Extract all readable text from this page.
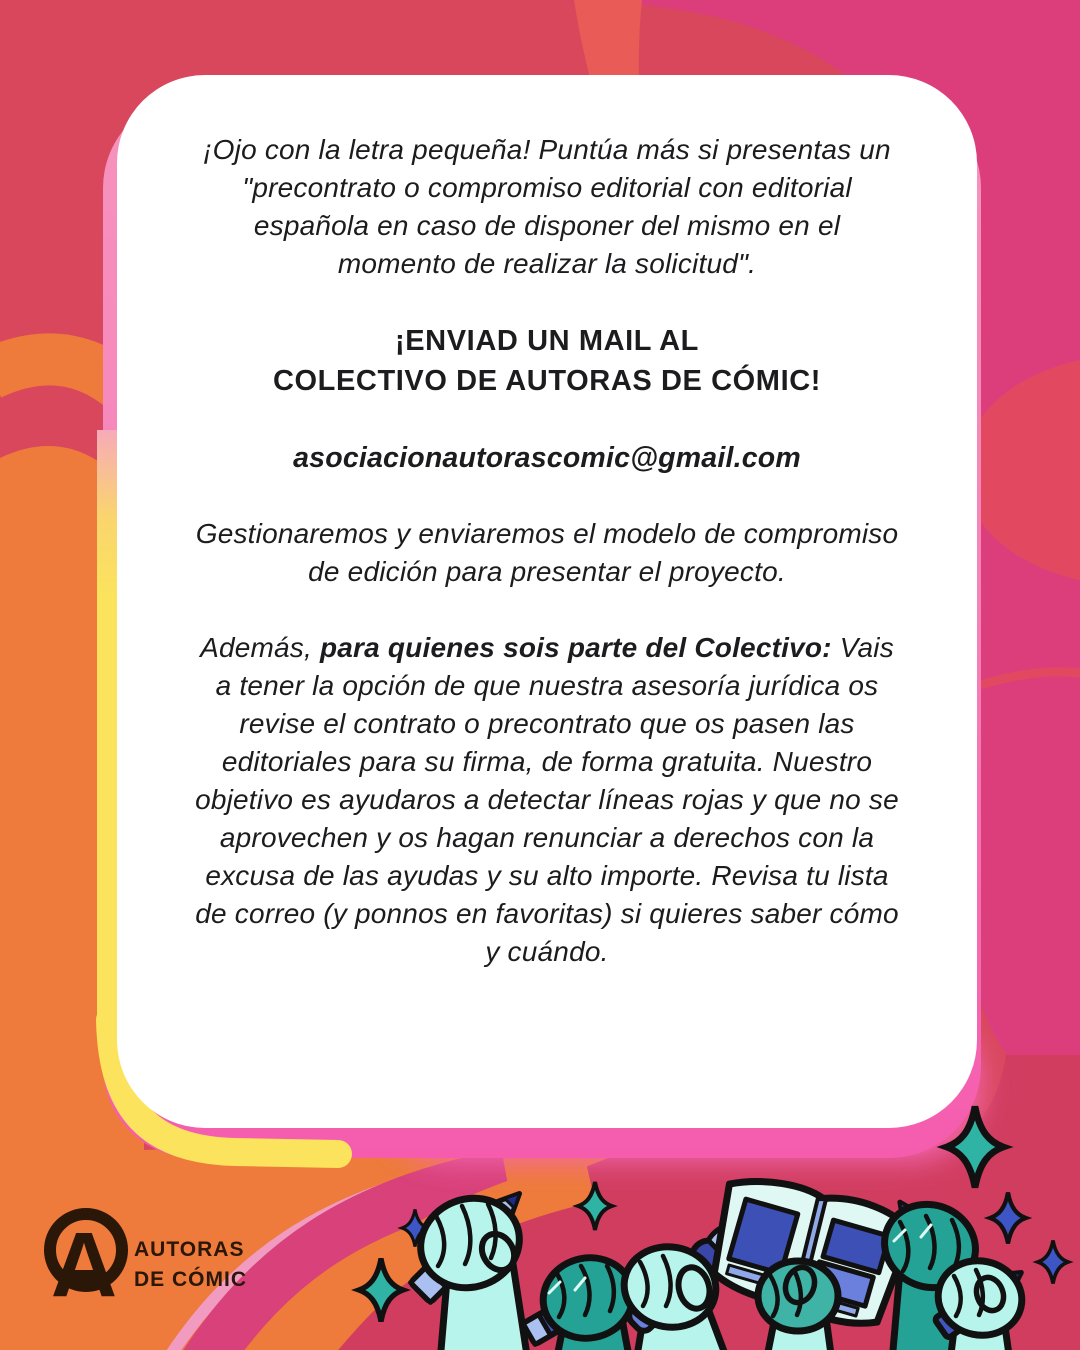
A AUTORAS
DE CÓMIC

¡Ojo con la letra pequeña! Puntúa más si presentas un "precontrato o compromiso editorial con editorial española en caso de disponer del mismo en el momento de realizar la solicitud".

¡ENVIAD UN MAIL AL
COLECTIVO DE AUTORAS DE CÓMIC!

asociacionautorascomic@gmail.com

Gestionaremos y enviaremos el modelo de compromiso de edición para presentar el proyecto.

Además, para quienes sois parte del Colectivo: Vais a tener la opción de que nuestra asesoría jurídica os revise el contrato o precontrato que os pasen las editoriales para su firma, de forma gratuita. Nuestro objetivo es ayudaros a detectar líneas rojas y que no se aprovechen y os hagan renunciar a derechos con la excusa de las ayudas y su alto importe. Revisa tu lista de correo (y ponnos en favoritas) si quieres saber cómo y cuándo.
